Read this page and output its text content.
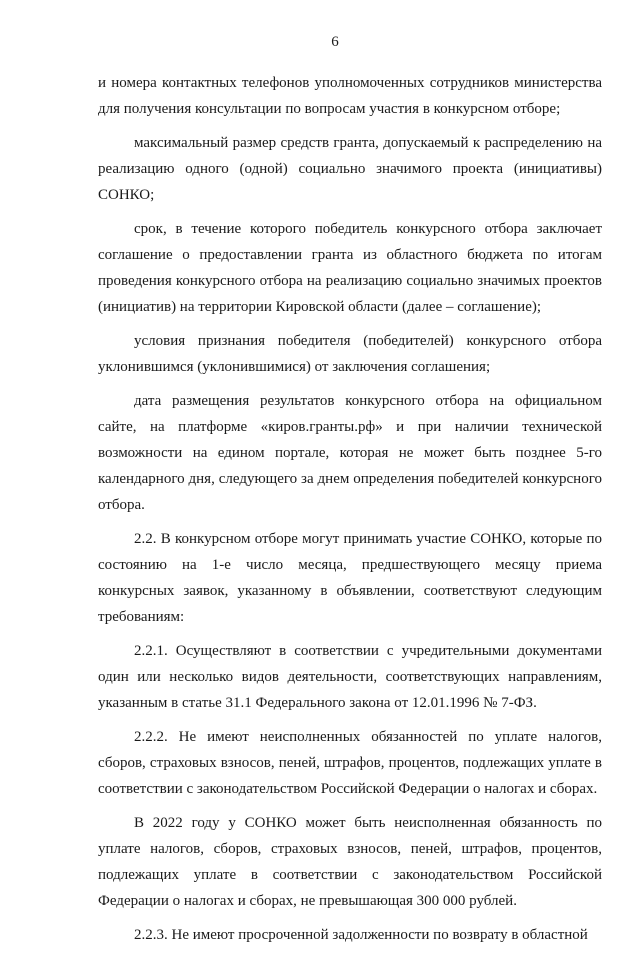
6

и номера контактных телефонов уполномоченных сотрудников министерства для получения консультации по вопросам участия в конкурсном отборе;

максимальный размер средств гранта, допускаемый к распределению на реализацию одного (одной) социально значимого проекта (инициативы) СОНКО;

срок, в течение которого победитель конкурсного отбора заключает соглашение о предоставлении гранта из областного бюджета по итогам проведения конкурсного отбора на реализацию социально значимых проектов (инициатив) на территории Кировской области (далее – соглашение);

условия признания победителя (победителей) конкурсного отбора уклонившимся (уклонившимися) от заключения соглашения;

дата размещения результатов конкурсного отбора на официальном сайте, на платформе «киров.гранты.рф» и при наличии технической возможности на едином портале, которая не может быть позднее 5-го календарного дня, следующего за днем определения победителей конкурсного отбора.

2.2. В конкурсном отборе могут принимать участие СОНКО, которые по состоянию на 1-е число месяца, предшествующего месяцу приема конкурсных заявок, указанному в объявлении, соответствуют следующим требованиям:

2.2.1. Осуществляют в соответствии с учредительными документами один или несколько видов деятельности, соответствующих направлениям, указанным в статье 31.1 Федерального закона от 12.01.1996 № 7-ФЗ.

2.2.2. Не имеют неисполненных обязанностей по уплате налогов, сборов, страховых взносов, пеней, штрафов, процентов, подлежащих уплате в соответствии с законодательством Российской Федерации о налогах и сборах.

В 2022 году у СОНКО может быть неисполненная обязанность по уплате налогов, сборов, страховых взносов, пеней, штрафов, процентов, подлежащих уплате в соответствии с законодательством Российской Федерации о налогах и сборах, не превышающая 300 000 рублей.

2.2.3. Не имеют просроченной задолженности по возврату в областной
